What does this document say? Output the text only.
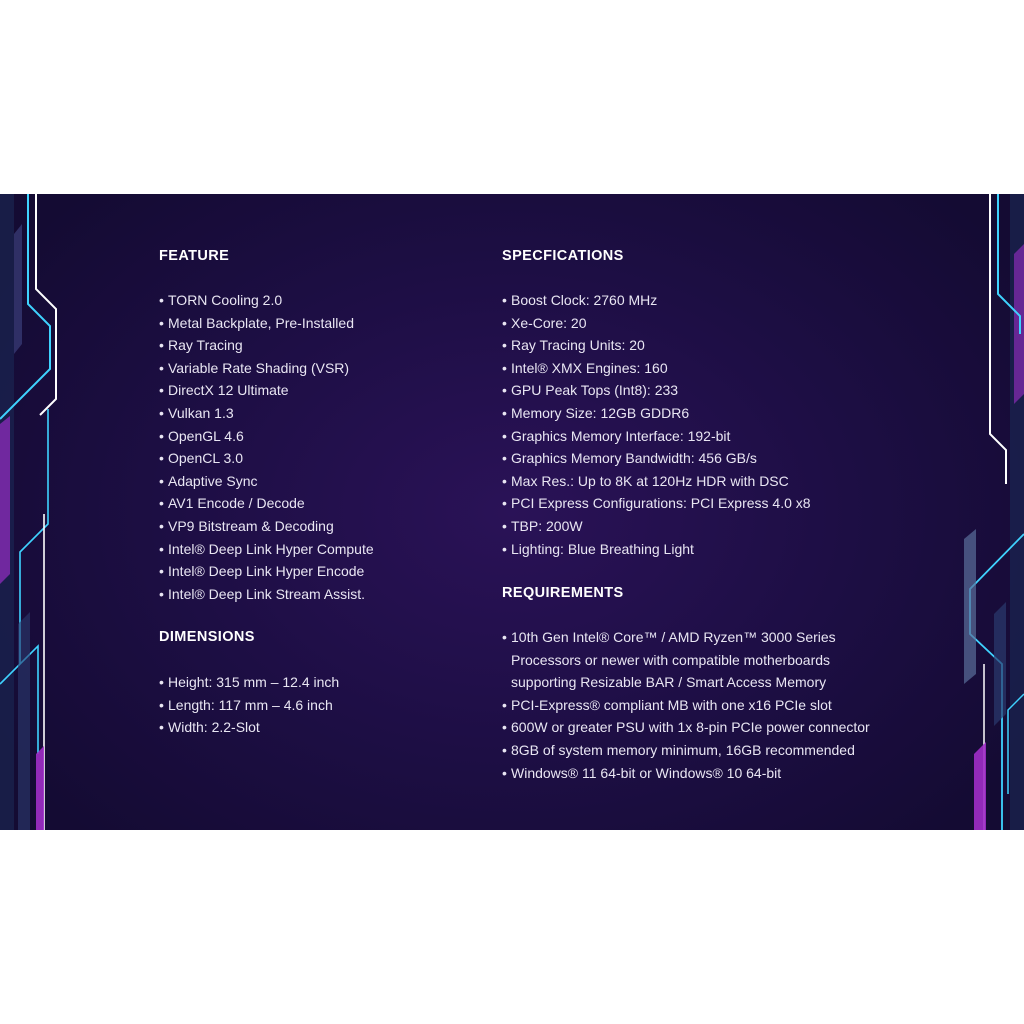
FEATURE
• TORN Cooling 2.0
• Metal Backplate, Pre-Installed
• Ray Tracing
• Variable Rate Shading (VSR)
• DirectX 12 Ultimate
• Vulkan 1.3
• OpenGL 4.6
• OpenCL 3.0
• Adaptive Sync
• AV1 Encode / Decode
• VP9 Bitstream & Decoding
• Intel® Deep Link Hyper Compute
• Intel® Deep Link Hyper Encode
• Intel® Deep Link Stream Assist.
DIMENSIONS
• Height: 315 mm – 12.4 inch
• Length: 117 mm – 4.6 inch
• Width: 2.2-Slot
SPECFICATIONS
• Boost Clock: 2760 MHz
• Xe-Core: 20
• Ray Tracing Units: 20
• Intel® XMX Engines: 160
• GPU Peak Tops (Int8): 233
• Memory Size: 12GB GDDR6
• Graphics Memory Interface: 192-bit
• Graphics Memory Bandwidth: 456 GB/s
• Max Res.: Up to 8K at 120Hz HDR with DSC
• PCI Express Configurations: PCI Express 4.0 x8
• TBP: 200W
• Lighting: Blue Breathing Light
REQUIREMENTS
• 10th Gen Intel® Core™ / AMD Ryzen™ 3000 Series
Processors or newer with compatible motherboards
supporting Resizable BAR / Smart Access Memory
• PCI-Express® compliant MB with one x16 PCIe slot
• 600W or greater PSU with 1x 8-pin PCIe power connector
• 8GB of system memory minimum, 16GB recommended
• Windows® 11 64-bit or Windows® 10 64-bit
